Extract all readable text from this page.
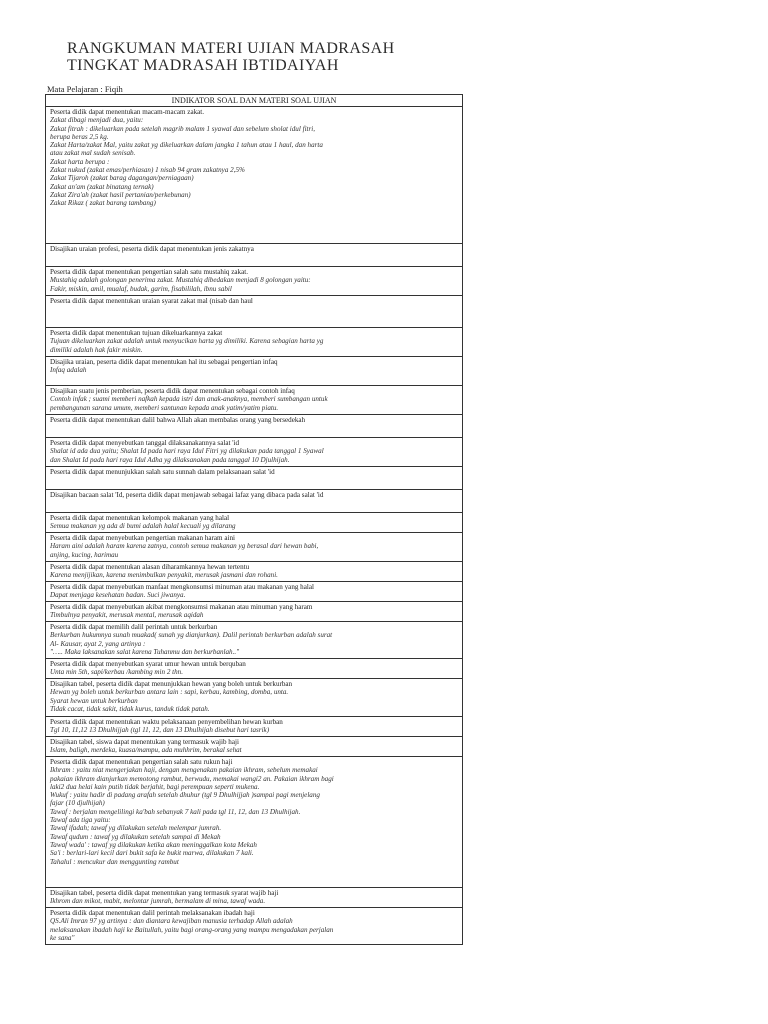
RANGKUMAN MATERI UJIAN MADRASAH
TINGKAT MADRASAH IBTIDAIYAH
Mata Pelajaran : Fiqih
INDIKATOR SOAL DAN MATERI SOAL UJIAN
Peserta didik dapat menentukan macam-macam zakat.
Zakat dibagi menjadi dua, yaitu:
Zakat fitrah : dikeluarkan pada setelah magrib malam 1 syawal dan sebelum sholat idul fitri,
berupa beras 2,5 kg.
Zakat Harta/zakat Mal, yaitu zakat yg dikeluarkan dalam jangka 1 tahun atau 1 haul, dan harta
atau zakat mal sudah senisab.
Zakat harta berupa :
Zakat nukud (zakat emas/perhiasan) 1 nisab 94 gram zakatnya 2,5%
Zakat Tijaroh (zakat barag dagangan/perniagaan)
Zakat an'am (zakat binatang ternak)
Zakat Zira'ah (zakat hasil pertanian/perkebunan)
Zakat Rikaz ( zakat barang tambang)
Disajikan uraian profesi, peserta didik dapat menentukan jenis zakatnya
Peserta didik dapat menentukan pengertian salah satu mustahiq zakat.
Mustahiq adalah golongan penerima zakat. Mustahiq dibedakan menjadi 8 golongan yaitu:
Fakir, miskin, amil, mualaf, budak, garim, fisabililah, ibnu sabil
Peserta didik dapat menentukan uraian syarat zakat mal (nisab dan haul
Peserta didik dapat menentukan tujuan dikeluarkannya zakat
Tujuan dikeluarkan zakat adalah untuk menyucikan harta yg dimiliki. Karena sebagian harta yg
dimiliki adalah hak fakir miskin.
Disajika uraian, peserta didik dapat menentukan hal itu sebagai pengertian infaq
Infaq adalah
Disajikan suatu jenis pemberian, peserta didik dapat menentukan sebagai contoh infaq
Contoh infak ; suami memberi nafkah kepada istri dan anak-anaknya, memberi sumbangan untuk
pembangunan sarana umum, memberi santunan kepada anak yatim/yatim piatu.
Peserta didik dapat menentukan dalil bahwa Allah akan membalas orang yang bersedekah
Peserta didik dapat menyebutkan tanggal dilaksanakannya salat 'id
Shalat id ada dua yaitu; Shalat Id pada hari raya Idul Fitri yg dilakukan pada tanggal 1 Syawal
dan Shalat Id pada hari raya Idul Adha yg dilaksanakan pada tanggal 10 Djulhijah.
Peserta didik dapat menunjukkan salah satu sunnah dalam pelaksanaan salat 'id
Disajikan bacaan salat 'Id, peserta didik dapat menjawab sebagai lafaz yang dibaca pada salat 'id
Peserta didik dapat menentukan kelompok makanan yang halal
Semua makanan yg ada di bumi adalah halal kecuali yg dilarang
Peserta didik dapat menyebutkan pengertian makanan haram aini
Haram aini adalah haram karena zatnya, contoh semua makanan yg berasal dari hewan babi,
anjing, kucing, harimau
Peserta didik dapat menentukan alasan diharamkannya hewan tertentu
Karena menjijikan, karena menimbulkan penyakit, merusak jasmani dan rohani.
Peserta didik dapat menyebutkan manfaat mengkonsumsi minuman atau makanan yang halal
Dapat menjaga kesehatan badan. Suci jiwanya.
Peserta didik dapat menyebutkan akibat mengkonsumsi makanan atau minuman yang haram
Timbulnya penyakit, merusak mental, merusak aqidah
Peserta didik dapat memilih dalil perintah untuk berkurban
Berkurban hukumnya sunah muakad( sunah yg dianjurkan). Dalil perintah berkurban adalah surat
Al- Kausar, ayat 2, yang artinya :
"….. Maka laksanakan salat karena Tuhanmu dan berkurbanlah.."
Peserta didik dapat menyebutkan syarat umur hewan untuk berquban
Unta min 5th, sapi/kerbau /kambing min 2 thn.
Disajikan tabel, peserta didik dapat menunjukkan hewan yang boleh untuk berkurban
Hewan yg boleh untuk berkurban antara lain : sapi, kerbau, kambing, domba, unta.
Syarat hewan untuk berkurban
Tidak cacat, tidak sakit, tidak kurus, tanduk tidak patah.
Peserta didik dapat menentukan waktu pelaksanaan penyembelihan hewan kurban
Tgl 10, 11,12 13 Dhulhijjah (tgl 11, 12, dan 13 Dhulhijah disebut hari tasrik)
Disajikan tabel, siswa dapat menentukan yang termasuk wajib haji
Islam, baligh, merdeka, kuasa/mampu, ada muhhrim, berakal sehat
Peserta didik dapat menentukan pengertian salah satu rukun haji
Ikhram : yaitu niat mengerjakan haji, dengan mengenakan pakaian ikhram, sebelum memakai
pakaian ikhram dianjurkan memotong rambut, berwudu, memakai wangi2 an. Pakaian ikhram bagi
laki2 dua helai kain putih tidak berjahit, bagi perempuan seperti mukena.
Wukuf : yaitu hadir di padang arafah setelah dhuhur (tgl 9 Dhulhijjah )sampai pagi menjelang
fajar (10 djulhijah)
Tawaf : berjalan mengelilingi ka'bah sebanyak 7 kali pada tgl 11, 12, dan 13 Dhulhijah.
Tawaf ada tiga yaitu:
Tawaf ifadah; tawaf yg dilakukan setelah melempar jumrah.
Tawaf qudum : tawaf yg dilakukan setelah sampai di Mekah
Tawaf wada' : tawaf yg dilakukan ketika akan meninggalkan kota Mekah
Sa'i : berlari-lari kecil dari bukit safa ke bukit marwa, dilakukan 7 kali.
Tahalul : mencukur dan menggunting rambut
Disajikan tabel, peserta didik dapat menentukan yang termasuk syarat wajib haji
Ikhrom dan mikot, mabit, melontar jumrah, bermalam di mina, tawaf wada.
Peserta didik dapat menentukan dalil perintah melaksanakan ibadah haji
QS.Ali Imran 97 yg artinya : dan diantara kewajiban manusia terhadap Allah adalah
melaksanakan ibadah haji ke Baitullah, yaitu bagi orang-orang yang mampu mengadakan perjalan
ke sana"
